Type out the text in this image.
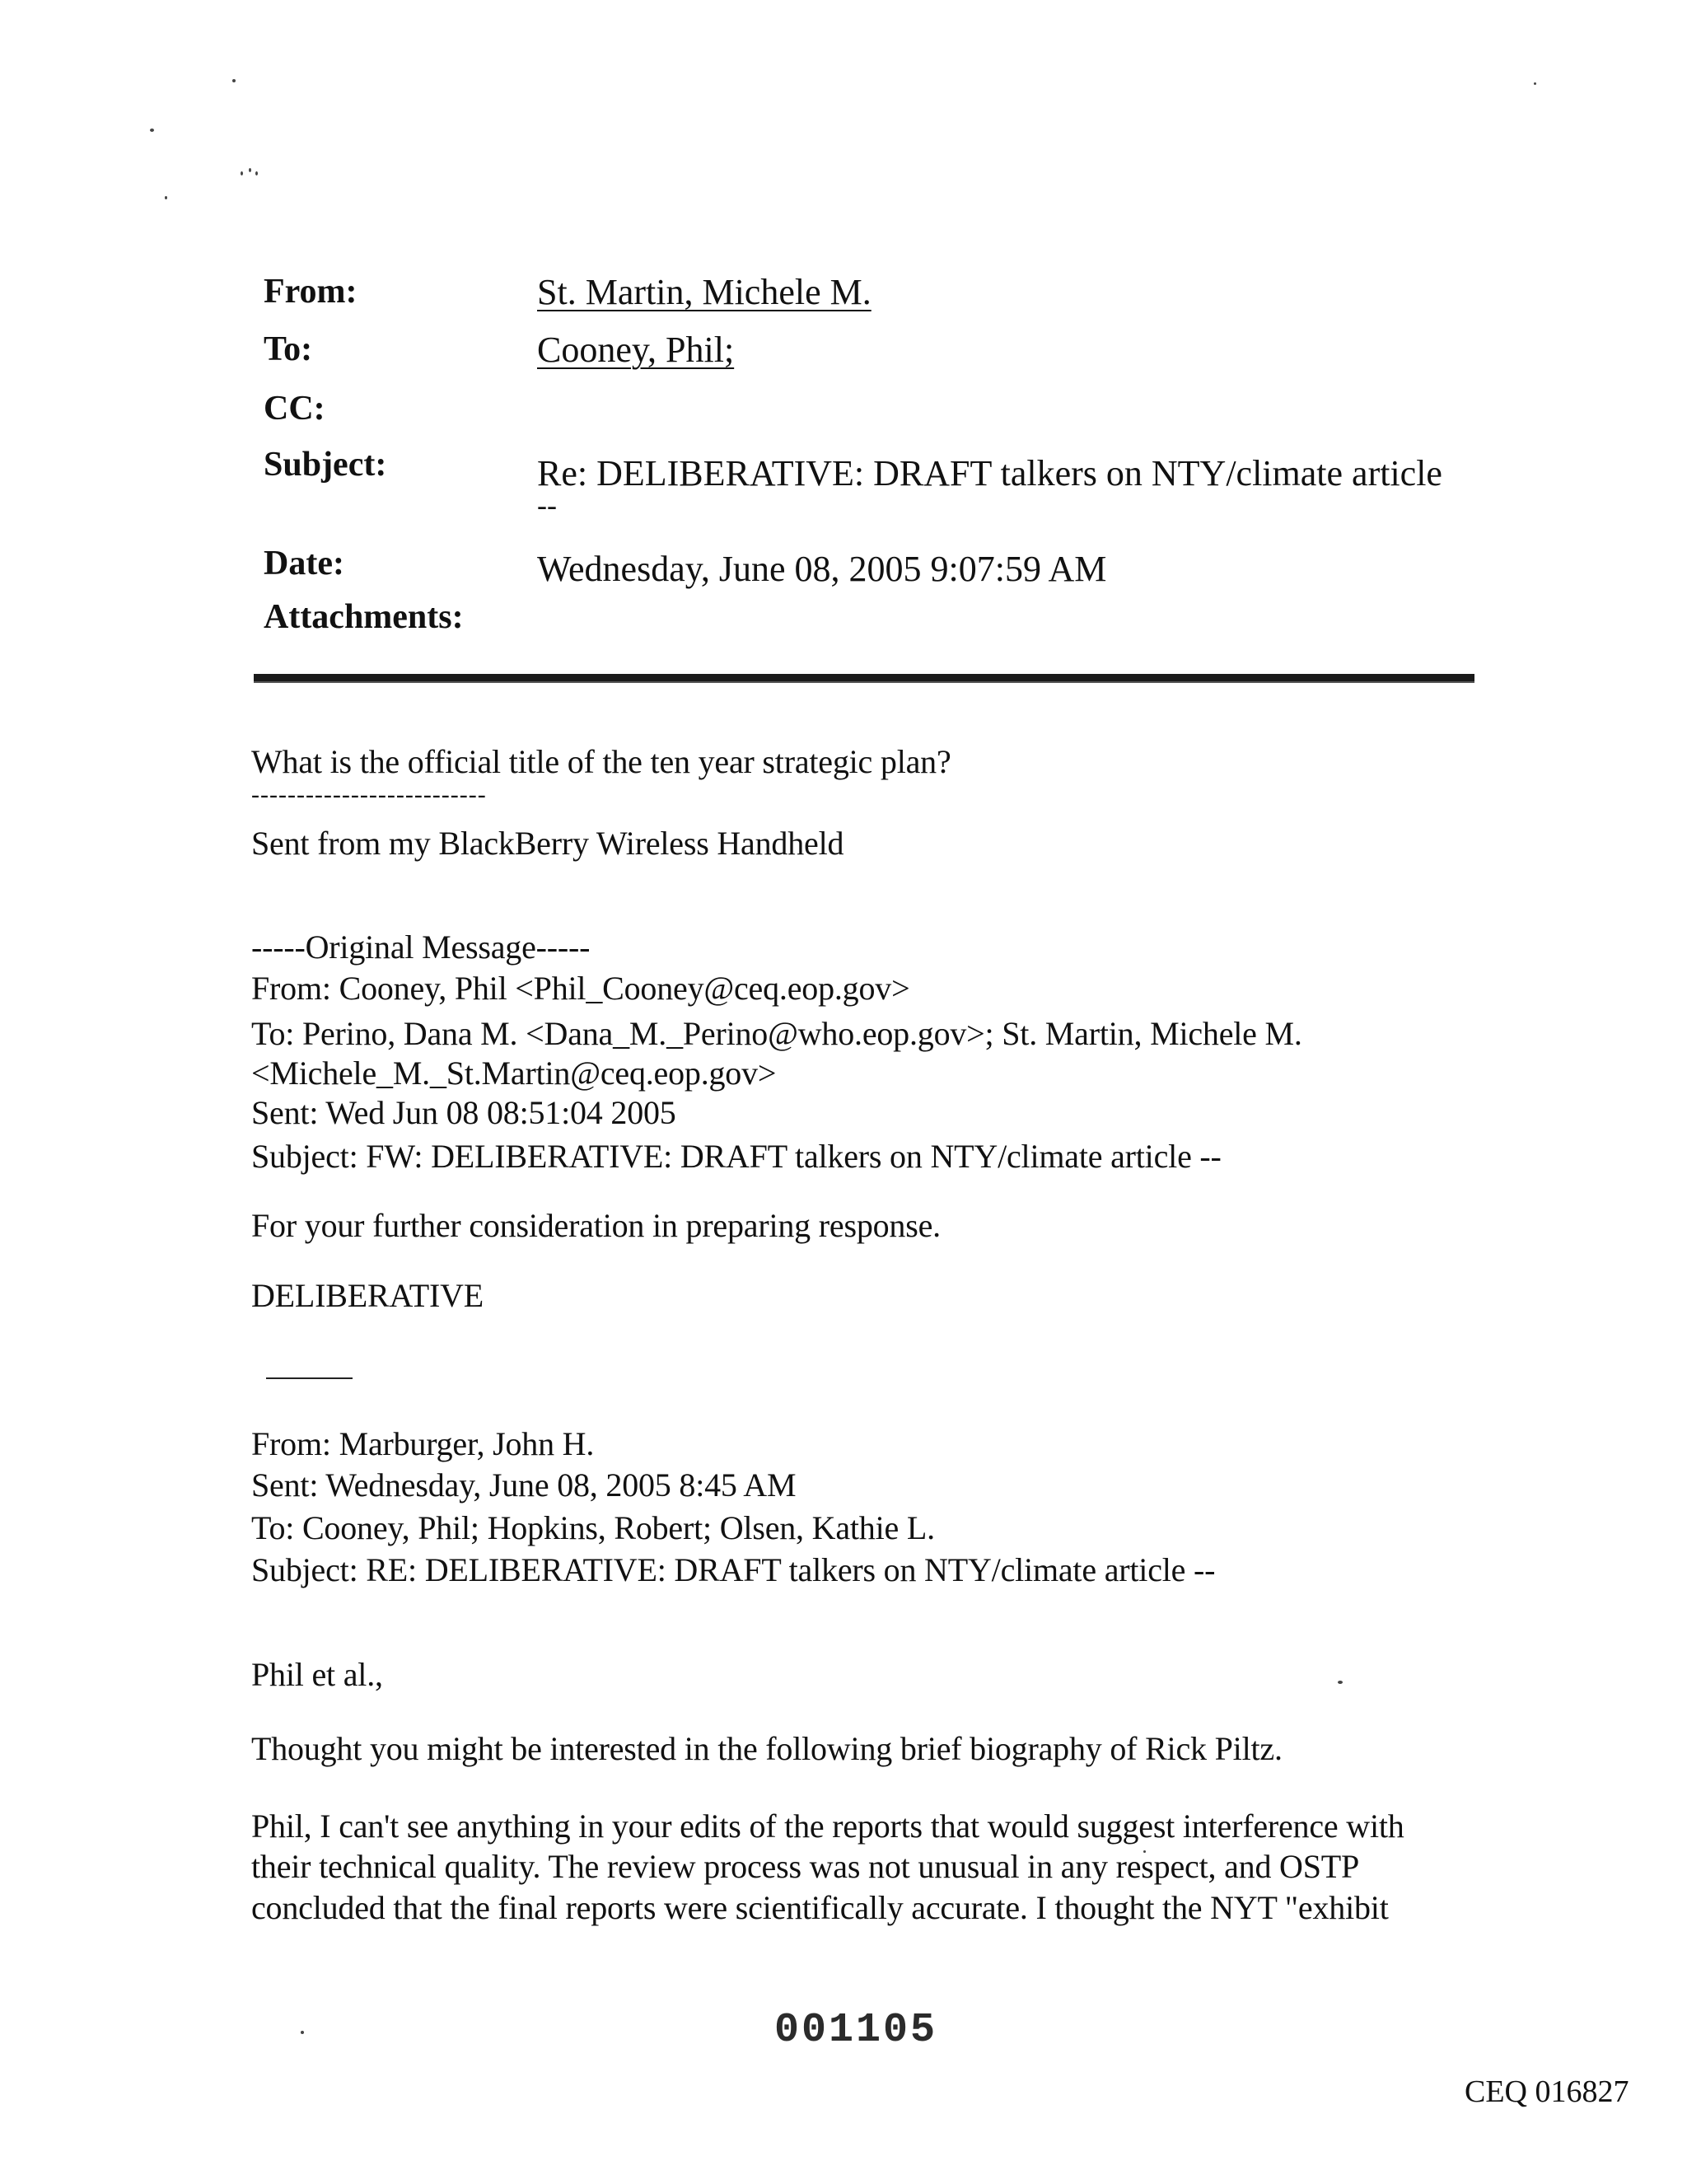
From:	St. Martin, Michele M.
To:	Cooney, Phil;
CC:
Subject:	Re: DELIBERATIVE: DRAFT talkers on NTY/climate article
--
Date:	Wednesday, June 08, 2005 9:07:59 AM
Attachments:
What is the official title of the ten year strategic plan?
--------------------------
Sent from my BlackBerry Wireless Handheld
-----Original Message-----
From: Cooney, Phil <Phil_Cooney@ceq.eop.gov>
To: Perino, Dana M. <Dana_M._Perino@who.eop.gov>; St. Martin, Michele M.
<Michele_M._St.Martin@ceq.eop.gov>
Sent: Wed Jun 08 08:51:04 2005
Subject: FW: DELIBERATIVE: DRAFT talkers on NTY/climate article --
For your further consideration in preparing response.
DELIBERATIVE
From: Marburger, John H.
Sent: Wednesday, June 08, 2005 8:45 AM
To: Cooney, Phil; Hopkins, Robert; Olsen, Kathie L.
Subject: RE: DELIBERATIVE: DRAFT talkers on NTY/climate article --
Phil et al.,
Thought you might be interested in the following brief biography of Rick Piltz.
Phil, I can't see anything in your edits of the reports that would suggest interference with
their technical quality. The review process was not unusual in any respect, and OSTP
concluded that the final reports were scientifically accurate. I thought the NYT "exhibit
001105
CEQ 016827
